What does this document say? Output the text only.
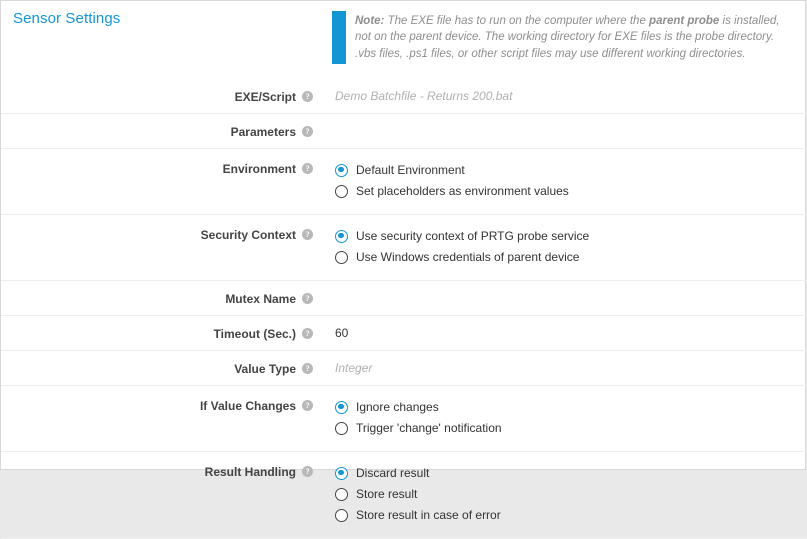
Sensor Settings	Note: The EXE file has to run on the computer where the parent probe is installed, not on the parent device. The working directory for EXE files is the probe directory. .vbs files, .ps1 files, or other script files may use different working directories.
EXE/Script ? Demo Batchfile - Returns 200.bat
Parameters ?
Environment ?	Default Environment
Set placeholders as environment values
Security Context ?	Use security context of PRTG probe service
Use Windows credentials of parent device
Mutex Name ?
Timeout (Sec.) ? 60
Value Type ? Integer
If Value Changes ?	Ignore changes
Trigger 'change' notification
Result Handling ?	Discard result
Store result
Store result in case of error
